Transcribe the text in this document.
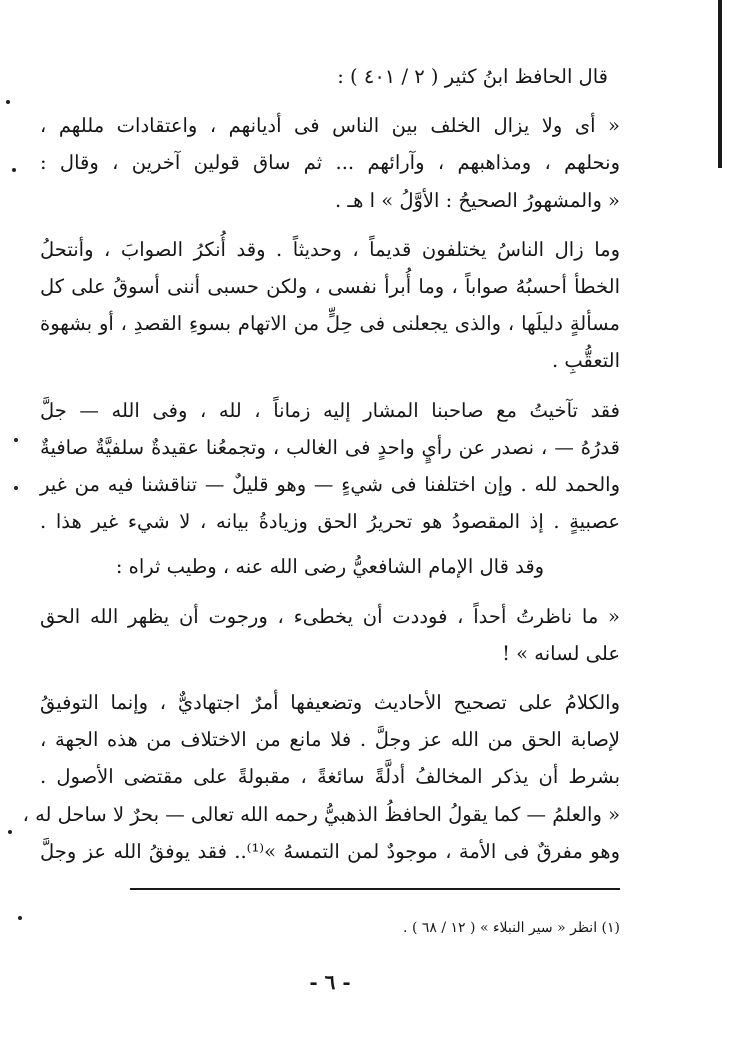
قال الحافظ ابنُ كثير ( ٢ / ٤٠١ ) :

« أى ولا يزال الخلف بين الناس فى أديانهم ، واعتقادات مللهم ،
ونحلهم ، ومذاهبهم ، وآرائهم ... ثم ساق قولين آخرين ، وقال :
« والمشهورُ الصحيحُ : الأوَّلُ » ا هـ .

وما زال الناسُ يختلفون قديماً ، وحديثاً . وقد أُنكرُ الصوابَ ، وأنتحلُ
الخطأ أحسبُهُ صواباً ، وما أُبرأ نفسى ، ولكن حسبى أننى أسوقُ على كل
مسألةٍ دليلَها ، والذى يجعلنى فى حِلٍّ من الاتهام بسوءِ القصدِ ، أو بشهوة
التعقُّبِ .

فقد تآخيتُ مع صاحبنا المشار إليه زماناً ، لله ، وفى الله — جلَّ
قدرُهُ — ، نصدر عن رأيٍ واحدٍ فى الغالب ، وتجمعُنا عقيدةٌ سلفيَّةٌ صافيةٌ
والحمد لله . وإن اختلفنا فى شيءٍ — وهو قليلٌ — تناقشنا فيه من غير
عصبيةٍ . إذ المقصودُ هو تحريرُ الحق وزيادةُ بيانه ، لا شيء غير هذا .

وقد قال الإمام الشافعيُّ رضى الله عنه ، وطيب ثراه :

« ما ناظرتُ أحداً ، فوددت أن يخطىء ، ورجوت أن يظهر الله الحق
على لسانه » !

والكلامُ على تصحيح الأحاديث وتضعيفها أمرٌ اجتهاديٌّ ، وإنما التوفيقُ
لإصابة الحق من الله عز وجلَّ . فلا مانع من الاختلاف من هذه الجهة ،
بشرط أن يذكر المخالفُ أدلَّةً سائغةً ، مقبولةً على مقتضى الأصول .
« والعلمُ — كما يقولُ الحافظُ الذهبيُّ رحمه الله تعالى — بحرٌ لا ساحل له ،
وهو مفرقٌ فى الأمة ، موجودٌ لمن التمسهُ »⁽¹⁾.. فقد يوفقُ الله عز وجلَّ

(١) انظر « سير النبلاء » ( ١٢ / ٦٨ ) .

- ٦ -
